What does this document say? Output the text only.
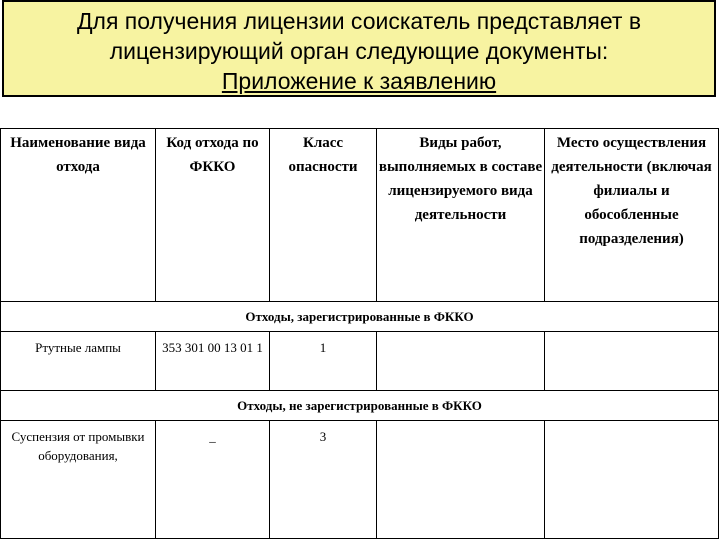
Для получения лицензии соискатель представляет в
лицензирующий орган следующие документы:
Приложение к заявлению
Наименование вида отхода	Код отхода по ФККО	Класс опасности	Виды работ, выполняемых в составе лицензируемого вида деятельности	Место осуществления деятельности (включая филиалы и обособленные подразделения)
Отходы, зарегистрированные в ФККО				
Ртутные лампы	353 301 00 13 01 1	1		
Отходы, не зарегистрированные в ФККО				
Суспензия от промывки оборудования,	_	3		
